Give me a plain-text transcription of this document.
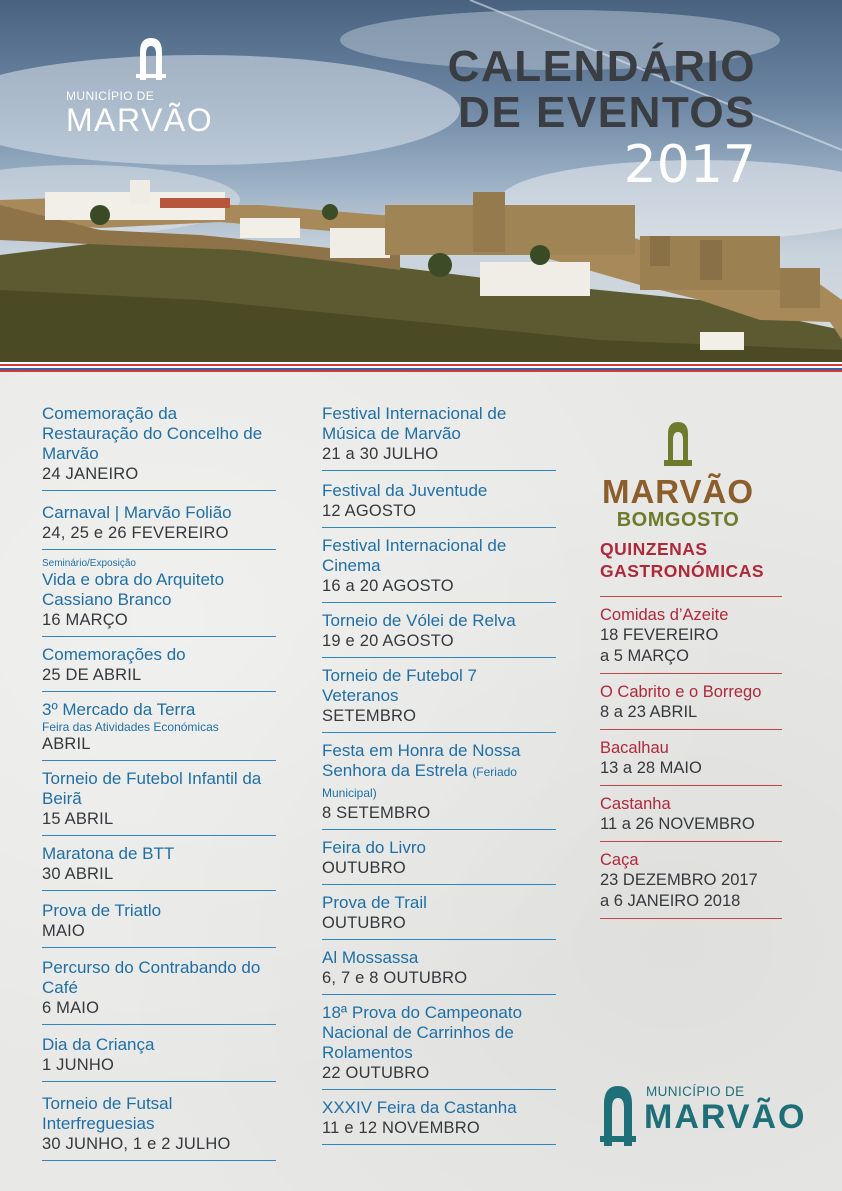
MUNICÍPIO DE
MARVÃO
CALENDÁRIO
DE EVENTOS
2017
Comemoração da Restauração do Concelho de Marvão
24 JANEIRO
Carnaval | Marvão Folião
24, 25 e 26 FEVEREIRO
Seminário/Exposição
Vida e obra do Arquiteto Cassiano Branco
16 MARÇO
Comemorações do
25 DE ABRIL
3º Mercado da Terra
Feira das Atividades Económicas
ABRIL
Torneio de Futebol Infantil da Beirã
15 ABRIL
Maratona de BTT
30 ABRIL
Prova de Triatlo
MAIO
Percurso do Contrabando do Café
6 MAIO
Dia da Criança
1 JUNHO
Torneio de Futsal Interfreguesias
30 JUNHO, 1 e 2 JULHO
Festival Internacional de Música de Marvão
21 a 30 JULHO
Festival da Juventude
12 AGOSTO
Festival Internacional de Cinema
16 a 20 AGOSTO
Torneio de Vólei de Relva
19 e 20 AGOSTO
Torneio de Futebol 7 Veteranos
SETEMBRO
Festa em Honra de Nossa Senhora da Estrela (Feriado Municipal)
8 SETEMBRO
Feira do Livro
OUTUBRO
Prova de Trail
OUTUBRO
Al Mossassa
6, 7 e 8 OUTUBRO
18ª Prova do Campeonato Nacional de Carrinhos de Rolamentos
22 OUTUBRO
XXXIV Feira da Castanha
11 e 12 NOVEMBRO
MARVÃO
BOMGOSTO
QUINZENAS
GASTRONÓMICAS
Comidas d’Azeite
18 FEVEREIRO
a 5 MARÇO
O Cabrito e o Borrego
8 a 23 ABRIL
Bacalhau
13 a 28 MAIO
Castanha
11 a 26 NOVEMBRO
Caça
23 DEZEMBRO 2017
a 6 JANEIRO 2018
MUNICÍPIO DE
MARVÃO
